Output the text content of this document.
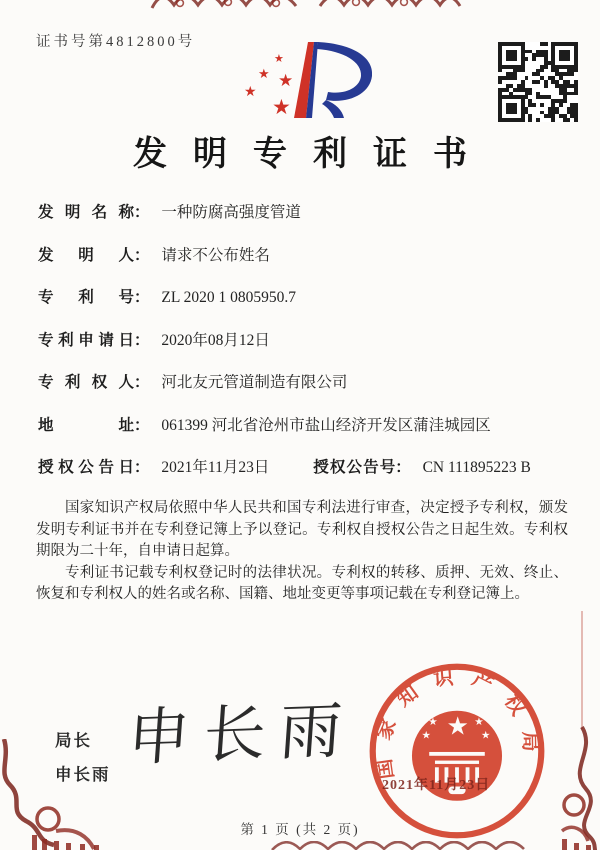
证书号第4812800号
★
★ ★
★
★
发明专利证书
发明名称： 一种防腐高强度管道
发明人： 请求不公布姓名
专利号： ZL 2020 1 0805950.7
专利申请日： 2020年08月12日
专利权人： 河北友元管道制造有限公司
地址： 061399 河北省沧州市盐山经济开发区蒲洼城园区
授权公告日： 2021年11月23日	授权公告号： CN 111895223 B

国家知识产权局依照中华人民共和国专利法进行审查，决定授予专利权，颁发发明专利证书并在专利登记簿上予以登记。专利权自授权公告之日起生效。专利权期限为二十年，自申请日起算。

专利证书记载专利权登记时的法律状况。专利权的转移、质押、无效、终止、恢复和专利权人的姓名或名称、国籍、地址变更等事项记载在专利登记簿上。

局长
申长雨
申长雨 国家知识产权局
★
★	★
★	★
2021年11月23日
第 1 页 (共 2 页)
